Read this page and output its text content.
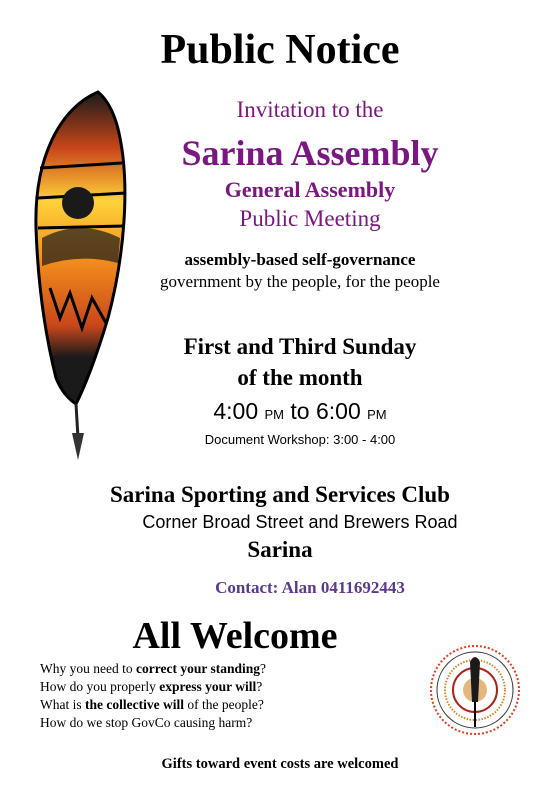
Public Notice
Invitation to the
Sarina Assembly
General Assembly
Public Meeting
assembly-based self-governance
government by the people, for the people
First and Third Sunday
of the month
4:00 PM to 6:00 PM
Document Workshop: 3:00 - 4:00
Sarina Sporting and Services Club
Corner Broad Street and Brewers Road
Sarina
Contact: Alan 0411692443
All Welcome
Why you need to correct your standing?
How do you properly express your will?
What is the collective will of the people?
How do we stop GovCo causing harm?
Gifts toward event costs are welcomed
